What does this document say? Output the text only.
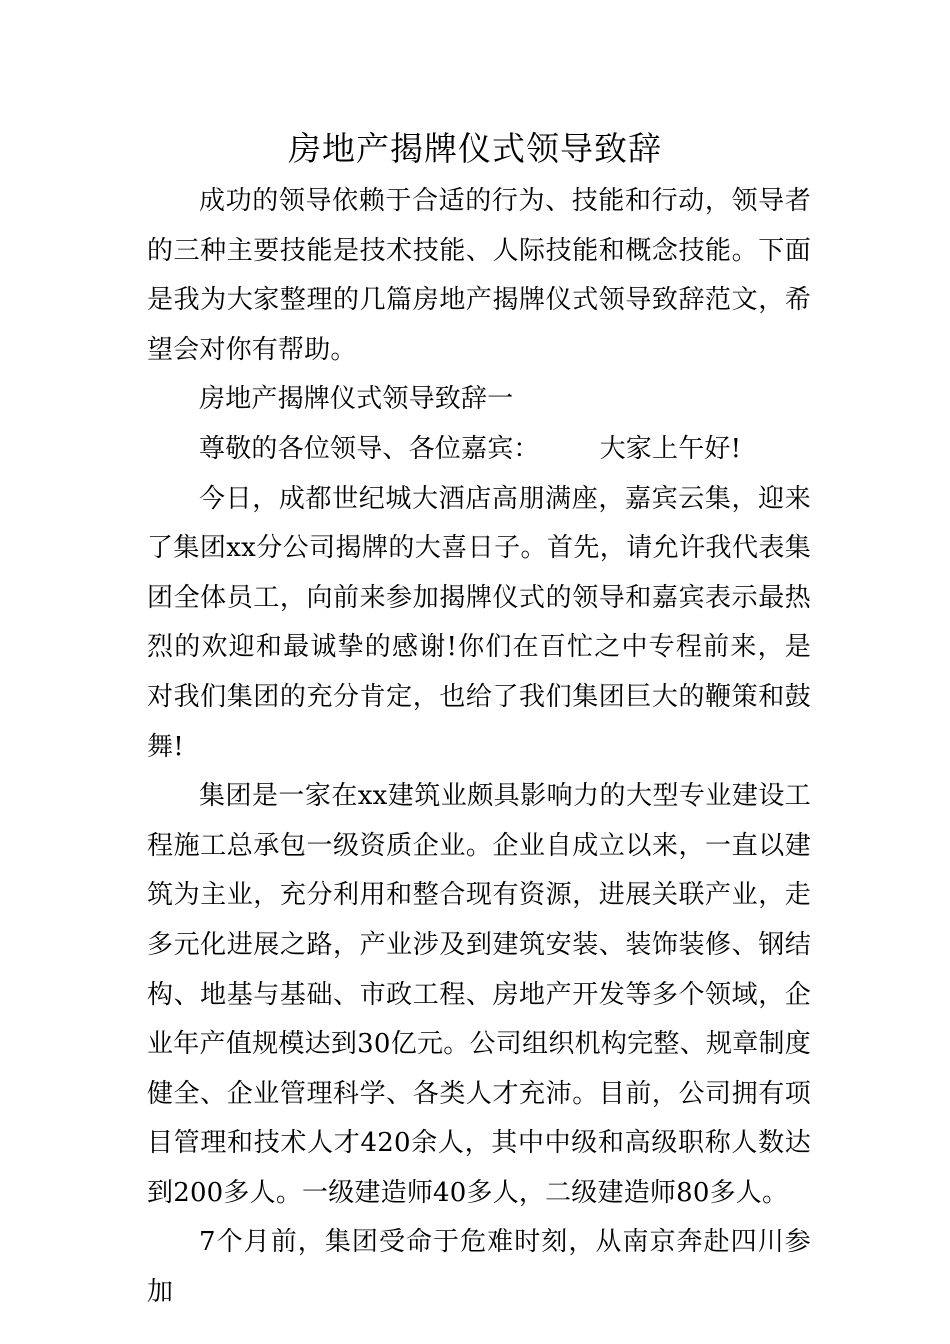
房地产揭牌仪式领导致辞

成功的领导依赖于合适的行为、技能和行动，领导者的三种主要技能是技术技能、人际技能和概念技能。下面是我为大家整理的几篇房地产揭牌仪式领导致辞范文，希望会对你有帮助。

房地产揭牌仪式领导致辞一

尊敬的各位领导、各位嘉宾： 大家上午好!

今日，成都世纪城大酒店高朋满座，嘉宾云集，迎来了集团xx分公司揭牌的大喜日子。首先，请允许我代表集团全体员工，向前来参加揭牌仪式的领导和嘉宾表示最热烈的欢迎和最诚挚的感谢!你们在百忙之中专程前来，是对我们集团的充分肯定，也给了我们集团巨大的鞭策和鼓舞!

集团是一家在xx建筑业颇具影响力的大型专业建设工程施工总承包一级资质企业。企业自成立以来，一直以建筑为主业，充分利用和整合现有资源，进展关联产业，走多元化进展之路，产业涉及到建筑安装、装饰装修、钢结构、地基与基础、市政工程、房地产开发等多个领域，企业年产值规模达到30亿元。公司组织机构完整、规章制度健全、企业管理科学、各类人才充沛。目前，公司拥有项目管理和技术人才420余人，其中中级和高级职称人数达到200多人。一级建造师40多人，二级建造师80多人。

7个月前，集团受命于危难时刻，从南京奔赴四川参加
